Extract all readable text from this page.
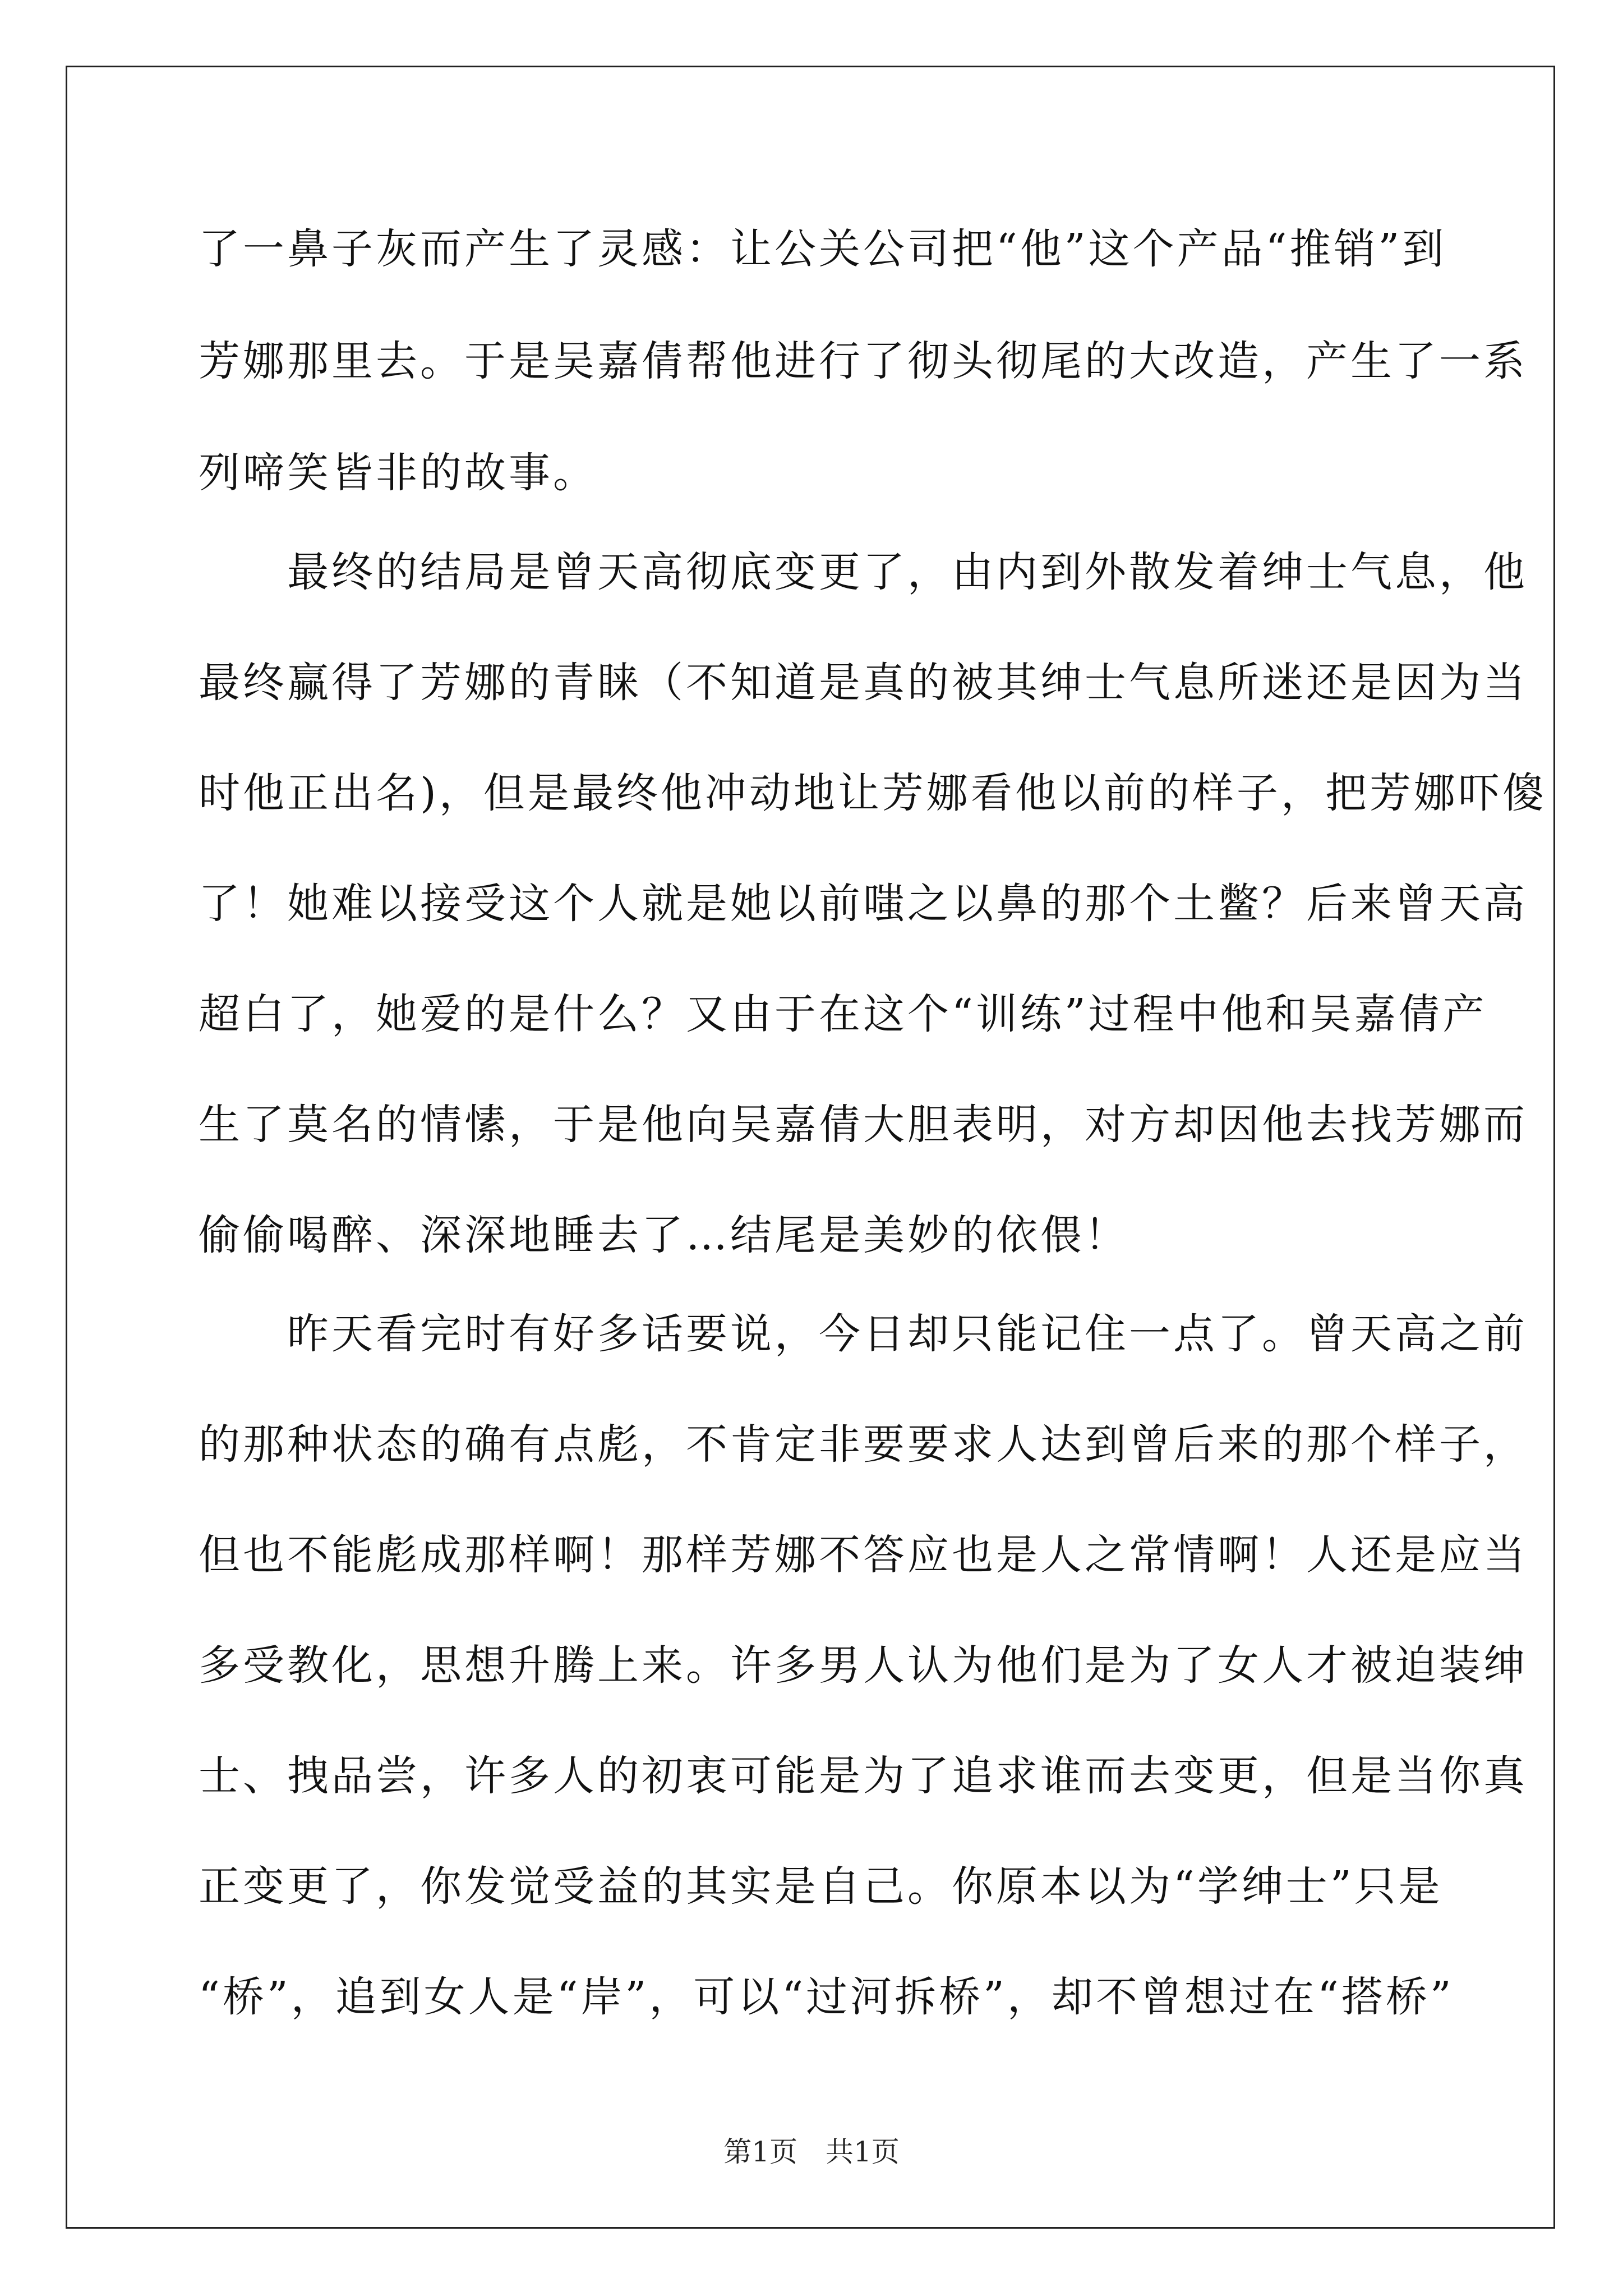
了一鼻子灰而产生了灵感：让公关公司把“他”这个产品“推销”到
芳娜那里去。于是吴嘉倩帮他进行了彻头彻尾的大改造，产生了一系
列啼笑皆非的故事。
　　最终的结局是曾天高彻底变更了，由内到外散发着绅士气息，他
最终赢得了芳娜的青睐（不知道是真的被其绅士气息所迷还是因为当
时他正出名)，但是最终他冲动地让芳娜看他以前的样子，把芳娜吓傻
了！她难以接受这个人就是她以前嗤之以鼻的那个土鳖？后来曾天高
超白了，她爱的是什么？又由于在这个“训练”过程中他和吴嘉倩产
生了莫名的情愫，于是他向吴嘉倩大胆表明，对方却因他去找芳娜而
偷偷喝醉、深深地睡去了…结尾是美妙的依偎！
　　昨天看完时有好多话要说，今日却只能记住一点了。曾天高之前
的那种状态的确有点彪，不肯定非要要求人达到曾后来的那个样子，
但也不能彪成那样啊！那样芳娜不答应也是人之常情啊！人还是应当
多受教化，思想升腾上来。许多男人认为他们是为了女人才被迫装绅
士、拽品尝，许多人的初衷可能是为了追求谁而去变更，但是当你真
正变更了，你发觉受益的其实是自己。你原本以为“学绅士”只是
“桥”，追到女人是“岸”，可以“过河拆桥”，却不曾想过在“搭桥”
第1页　共1页
